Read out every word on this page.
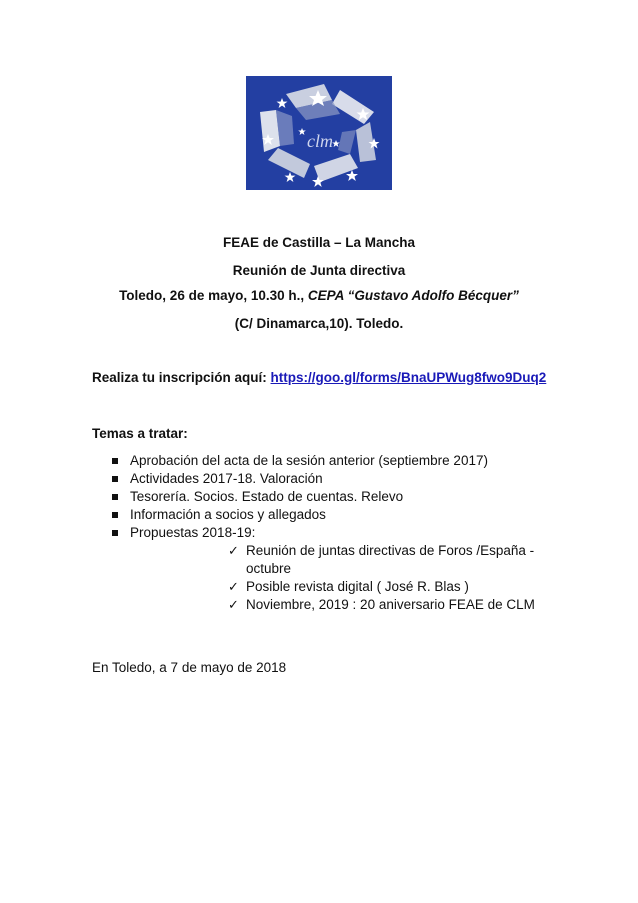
clm
FEAE de Castilla – La Mancha
Reunión de Junta directiva
Toledo, 26 de mayo, 10.30 h., CEPA “Gustavo Adolfo Bécquer”
(C/ Dinamarca,10). Toledo.
Realiza tu inscripción aquí: https://goo.gl/forms/BnaUPWug8fwo9Duq2
Temas a tratar:
Aprobación del acta de la sesión anterior (septiembre 2017)
Actividades 2017-18. Valoración
Tesorería. Socios. Estado de cuentas. Relevo
Información a socios y allegados
Propuestas 2018-19:
✓ Reunión de juntas directivas de Foros /España - octubre
✓ Posible revista digital ( José R. Blas )
✓ Noviembre, 2019 : 20 aniversario FEAE de CLM
En Toledo, a 7 de mayo de 2018
